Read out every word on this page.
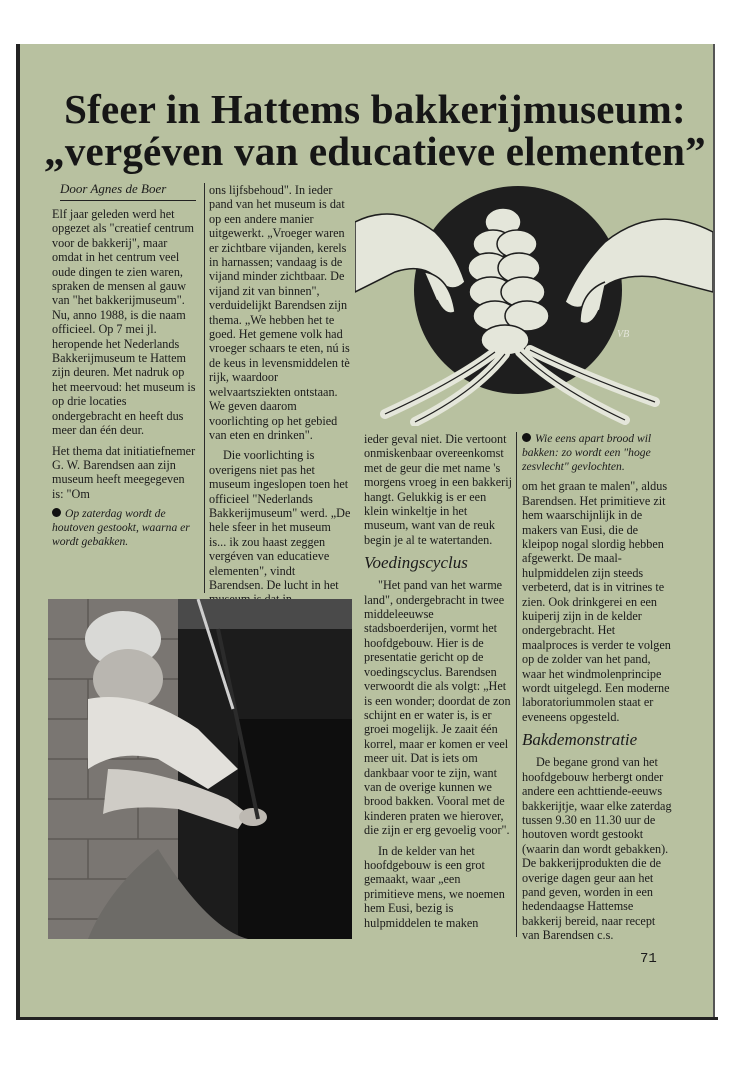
Sfeer in Hattems bakkerijmuseum:
„vergéven van educatieve elementen”
Door Agnes de Boer

Elf jaar geleden werd het opgezet als "creatief centrum voor de bakkerij", maar omdat in het centrum veel oude dingen te zien waren, spraken de mensen al gauw van "het bakkerijmuseum". Nu, anno 1988, is die naam officieel. Op 7 mei jl. heropende het Nederlands Bakkerijmuseum te Hattem zijn deuren. Met nadruk op het meervoud: het museum is op drie locaties ondergebracht en heeft dus meer dan één deur.

Het thema dat initiatiefnemer G. W. Barendsen aan zijn museum heeft meegegeven is: "Om

Op zaterdag wordt de houtoven gestookt, waarna er wordt gebakken.

ons lijfsbehoud". In ieder pand van het museum is dat op een andere manier uitgewerkt. „Vroeger waren er zichtbare vijanden, kerels in harnassen; vandaag is de vijand minder zichtbaar. De vijand zit van binnen", verduidelijkt Barendsen zijn thema. „We hebben het te goed. Het gemene volk had vroeger schaars te eten, nú is de keus in levensmiddelen tè rijk, waardoor welvaartsziekten ontstaan. We geven daarom voorlichting op het gebied van eten en drinken".

Die voorlichting is overigens niet pas het museum ingeslopen toen het officieel "Nederlands Bakkerijmuseum" werd. „De hele sfeer in het museum is... ik zou haast zeggen vergéven van educatieve elementen", vindt Barendsen. De lucht in het

VB

ieder geval niet. Die vertoont onmiskenbaar overeenkomst met de geur die met name 's morgens vroeg in een bakkerij hangt. Gelukkig is er een klein winkeltje in het museum, want van de reuk begin je al te watertanden.

Voedingscyclus

"Het pand van het warme land", ondergebracht in twee middeleeuwse stadsboerderijen, vormt het hoofdgebouw. Hier is de presentatie gericht op de voedingscyclus. Barendsen verwoordt die als volgt: „Het is een wonder; doordat de zon schijnt en er water is, is er groei mogelijk. Je zaait één korrel, maar er komen er veel meer uit. Dat is iets om dankbaar voor te zijn, want van de overige kunnen we brood bakken. Vooral met de kinderen praten we hierover, die zijn er erg gevoelig voor".

In de kelder van het hoofdgebouw is een grot gemaakt, waar „een primitieve mens, we noemen hem Eusi, bezig is hulpmiddelen te maken

Wie eens apart brood wil bakken: zo wordt een "hoge zesvlecht" gevlochten.

om het graan te malen", aldus Barendsen. Het primitieve zit hem waarschijnlijk in de makers van Eusi, die de kleipop nogal slordig hebben afgewerkt. De maal-hulpmiddelen zijn steeds verbeterd, dat is in vitrines te zien. Ook drinkgerei en een kuiperij zijn in de kelder ondergebracht. Het maalproces is verder te volgen op de zolder van het pand, waar het windmolenprincipe wordt uitgelegd. Een moderne laboratoriummolen staat er eveneens opgesteld.

Bakdemonstratie

De begane grond van het hoofdgebouw herbergt onder andere een achttiende-eeuws bakkerijtje, waar elke zaterdag tussen 9.30 en 11.30 uur de houtoven wordt gestookt (waarin dan wordt gebakken). De bakkerijprodukten die de overige dagen geur aan het pand geven, worden in een hedendaagse Hattemse bakkerij bereid, naar recept van Barendsen c.s.

71
